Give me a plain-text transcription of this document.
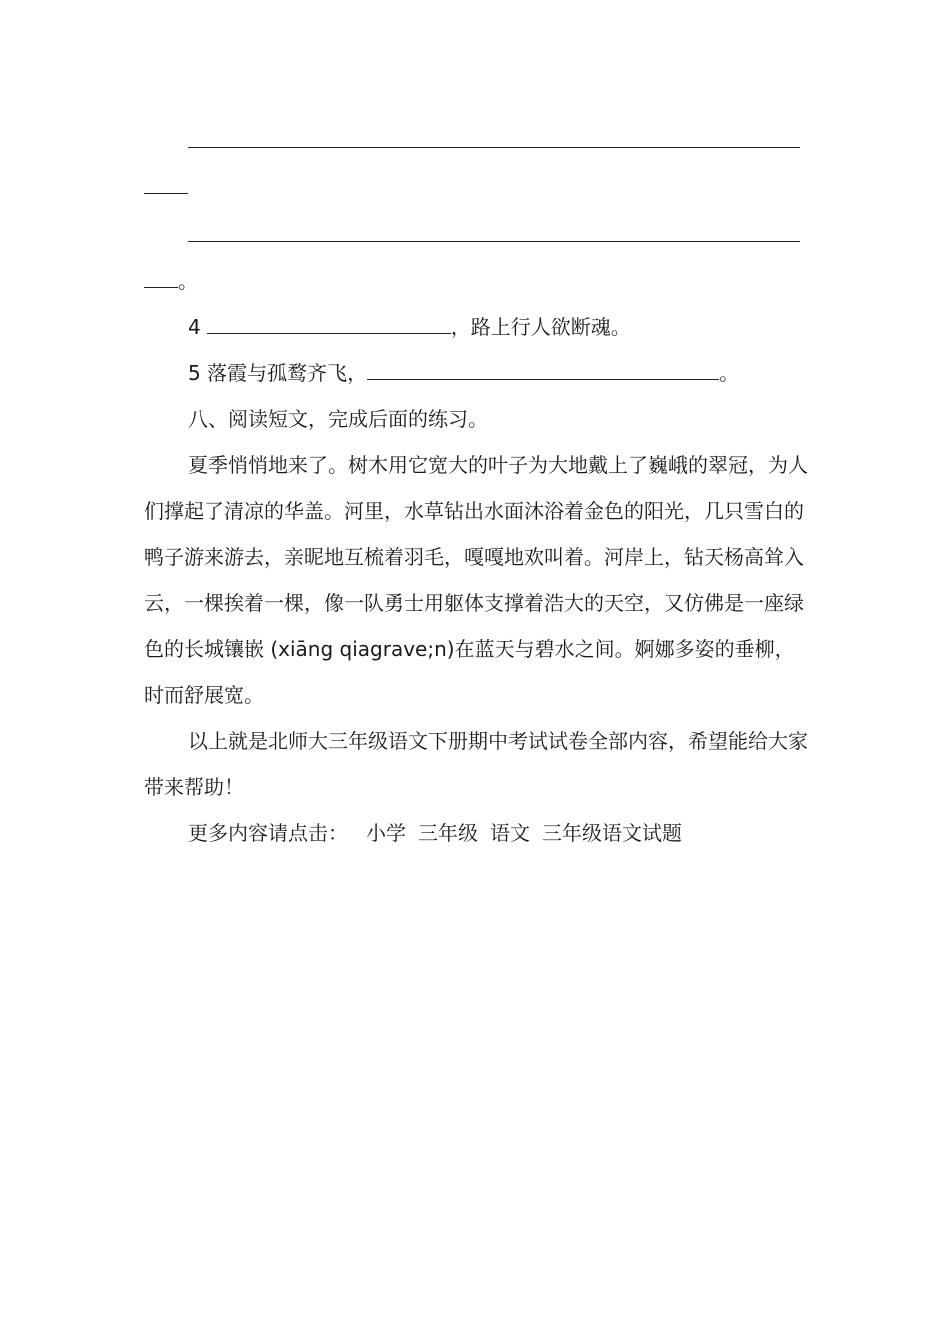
。

4	，路上行人欲断魂。

5 落霞与孤鹜齐飞，	。

八、阅读短文，完成后面的练习。

夏季悄悄地来了。树木用它宽大的叶子为大地戴上了巍峨的翠冠，为人们撑起了清凉的华盖。河里，水草钻出水面沐浴着金色的阳光，几只雪白的鸭子游来游去，亲昵地互梳着羽毛，嘎嘎地欢叫着。河岸上，钻天杨高耸入云，一棵挨着一棵，像一队勇士用躯体支撑着浩大的天空，又仿佛是一座绿色的长城镶嵌 (xiāng qiagrave;n)在蓝天与碧水之间。婀娜多姿的垂柳，时而舒展宽。

以上就是北师大三年级语文下册期中考试试卷全部内容，希望能给大家带来帮助！

更多内容请点击： 小学 三年级 语文 三年级语文试题
